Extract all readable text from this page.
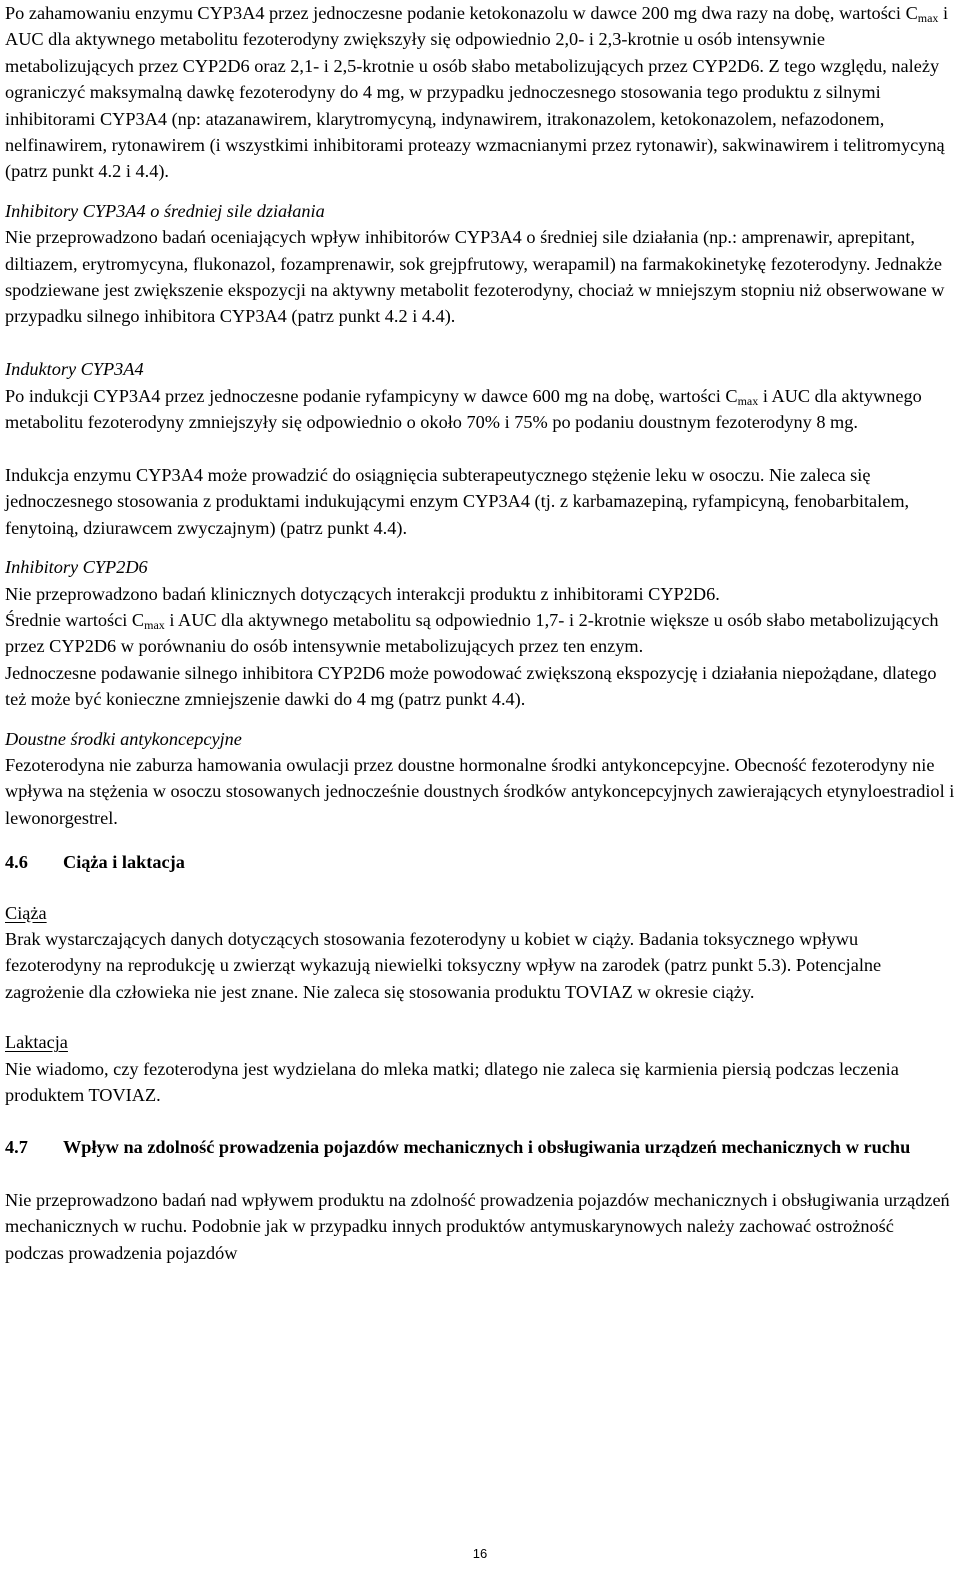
Po zahamowaniu enzymu CYP3A4 przez jednoczesne podanie ketokonazolu w dawce 200 mg dwa razy na dobę, wartości $C_{max}$ i AUC dla aktywnego metabolitu fezoterodyny zwiększyły się odpowiednio 2,0- i 2,3-krotnie u osób intensywnie metabolizujących przez CYP2D6 oraz 2,1- i 2,5-krotnie u osób słabo metabolizujących przez CYP2D6. Z tego względu, należy ograniczyć maksymalną dawkę fezoterodyny do 4 mg, w przypadku jednoczesnego stosowania tego produktu z silnymi inhibitorami CYP3A4 (np: atazanawirem, klarytromycyną, indynawirem, itrakonazolem, ketokonazolem, nefazodonem, nelfinawirem, rytonawirem (i wszystkimi inhibitorami proteazy wzmacnianymi przez rytonawir), sakwinawirem i telitromycyną (patrz punkt 4.2 i 4.4).

Inhibitory CYP3A4 o średniej sile działania

Nie przeprowadzono badań oceniających wpływ inhibitorów CYP3A4 o średniej sile działania (np.: amprenawir, aprepitant, diltiazem, erytromycyna, flukonazol, fozamprenawir, sok grejpfrutowy, werapamil) na farmakokinetykę fezoterodyny. Jednakże spodziewane jest zwiększenie ekspozycji na aktywny metabolit fezoterodyny, chociaż w mniejszym stopniu niż obserwowane w przypadku silnego inhibitora CYP3A4 (patrz punkt 4.2 i 4.4).

Induktory CYP3A4

Po indukcji CYP3A4 przez jednoczesne podanie ryfampicyny w dawce 600 mg na dobę, wartości $C_{max}$ i AUC dla aktywnego metabolitu fezoterodyny zmniejszyły się odpowiednio o około 70% i 75% po podaniu doustnym fezoterodyny 8 mg.

Indukcja enzymu CYP3A4 może prowadzić do osiągnięcia subterapeutycznego stężenie leku w osoczu. Nie zaleca się jednoczesnego stosowania z produktami indukującymi enzym CYP3A4 (tj. z karbamazepiną, ryfampicyną, fenobarbitalem, fenytoiną, dziurawcem zwyczajnym) (patrz punkt 4.4).

Inhibitory CYP2D6

Nie przeprowadzono badań klinicznych dotyczących interakcji produktu z inhibitorami CYP2D6.

Średnie wartości $C_{max}$ i AUC dla aktywnego metabolitu są odpowiednio 1,7- i 2-krotnie większe u osób słabo metabolizujących przez CYP2D6 w porównaniu do osób intensywnie metabolizujących przez ten enzym.

Jednoczesne podawanie silnego inhibitora CYP2D6 może powodować zwiększoną ekspozycję i działania niepożądane, dlatego też może być konieczne zmniejszenie dawki do 4 mg (patrz punkt 4.4).

Doustne środki antykoncepcyjne

Fezoterodyna nie zaburza hamowania owulacji przez doustne hormonalne środki antykoncepcyjne. Obecność fezoterodyny nie wpływa na stężenia w osoczu stosowanych jednocześnie doustnych środków antykoncepcyjnych zawierających etynyloestradiol i lewonorgestrel.

4.6 Ciąża i laktacja

Ciąża

Brak wystarczających danych dotyczących stosowania fezoterodyny u kobiet w ciąży. Badania toksycznego wpływu fezoterodyny na reprodukcję u zwierząt wykazują niewielki toksyczny wpływ na zarodek (patrz punkt 5.3). Potencjalne zagrożenie dla człowieka nie jest znane. Nie zaleca się stosowania produktu TOVIAZ w okresie ciąży.

Laktacja

Nie wiadomo, czy fezoterodyna jest wydzielana do mleka matki; dlatego nie zaleca się karmienia piersią podczas leczenia produktem TOVIAZ.

4.7	Wpływ na zdolność prowadzenia pojazdów mechanicznych i obsługiwania urządzeń mechanicznych w ruchu

Nie przeprowadzono badań nad wpływem produktu na zdolność prowadzenia pojazdów mechanicznych i obsługiwania urządzeń mechanicznych w ruchu. Podobnie jak w przypadku innych produktów antymuskarynowych należy zachować ostrożność podczas prowadzenia pojazdów

16
